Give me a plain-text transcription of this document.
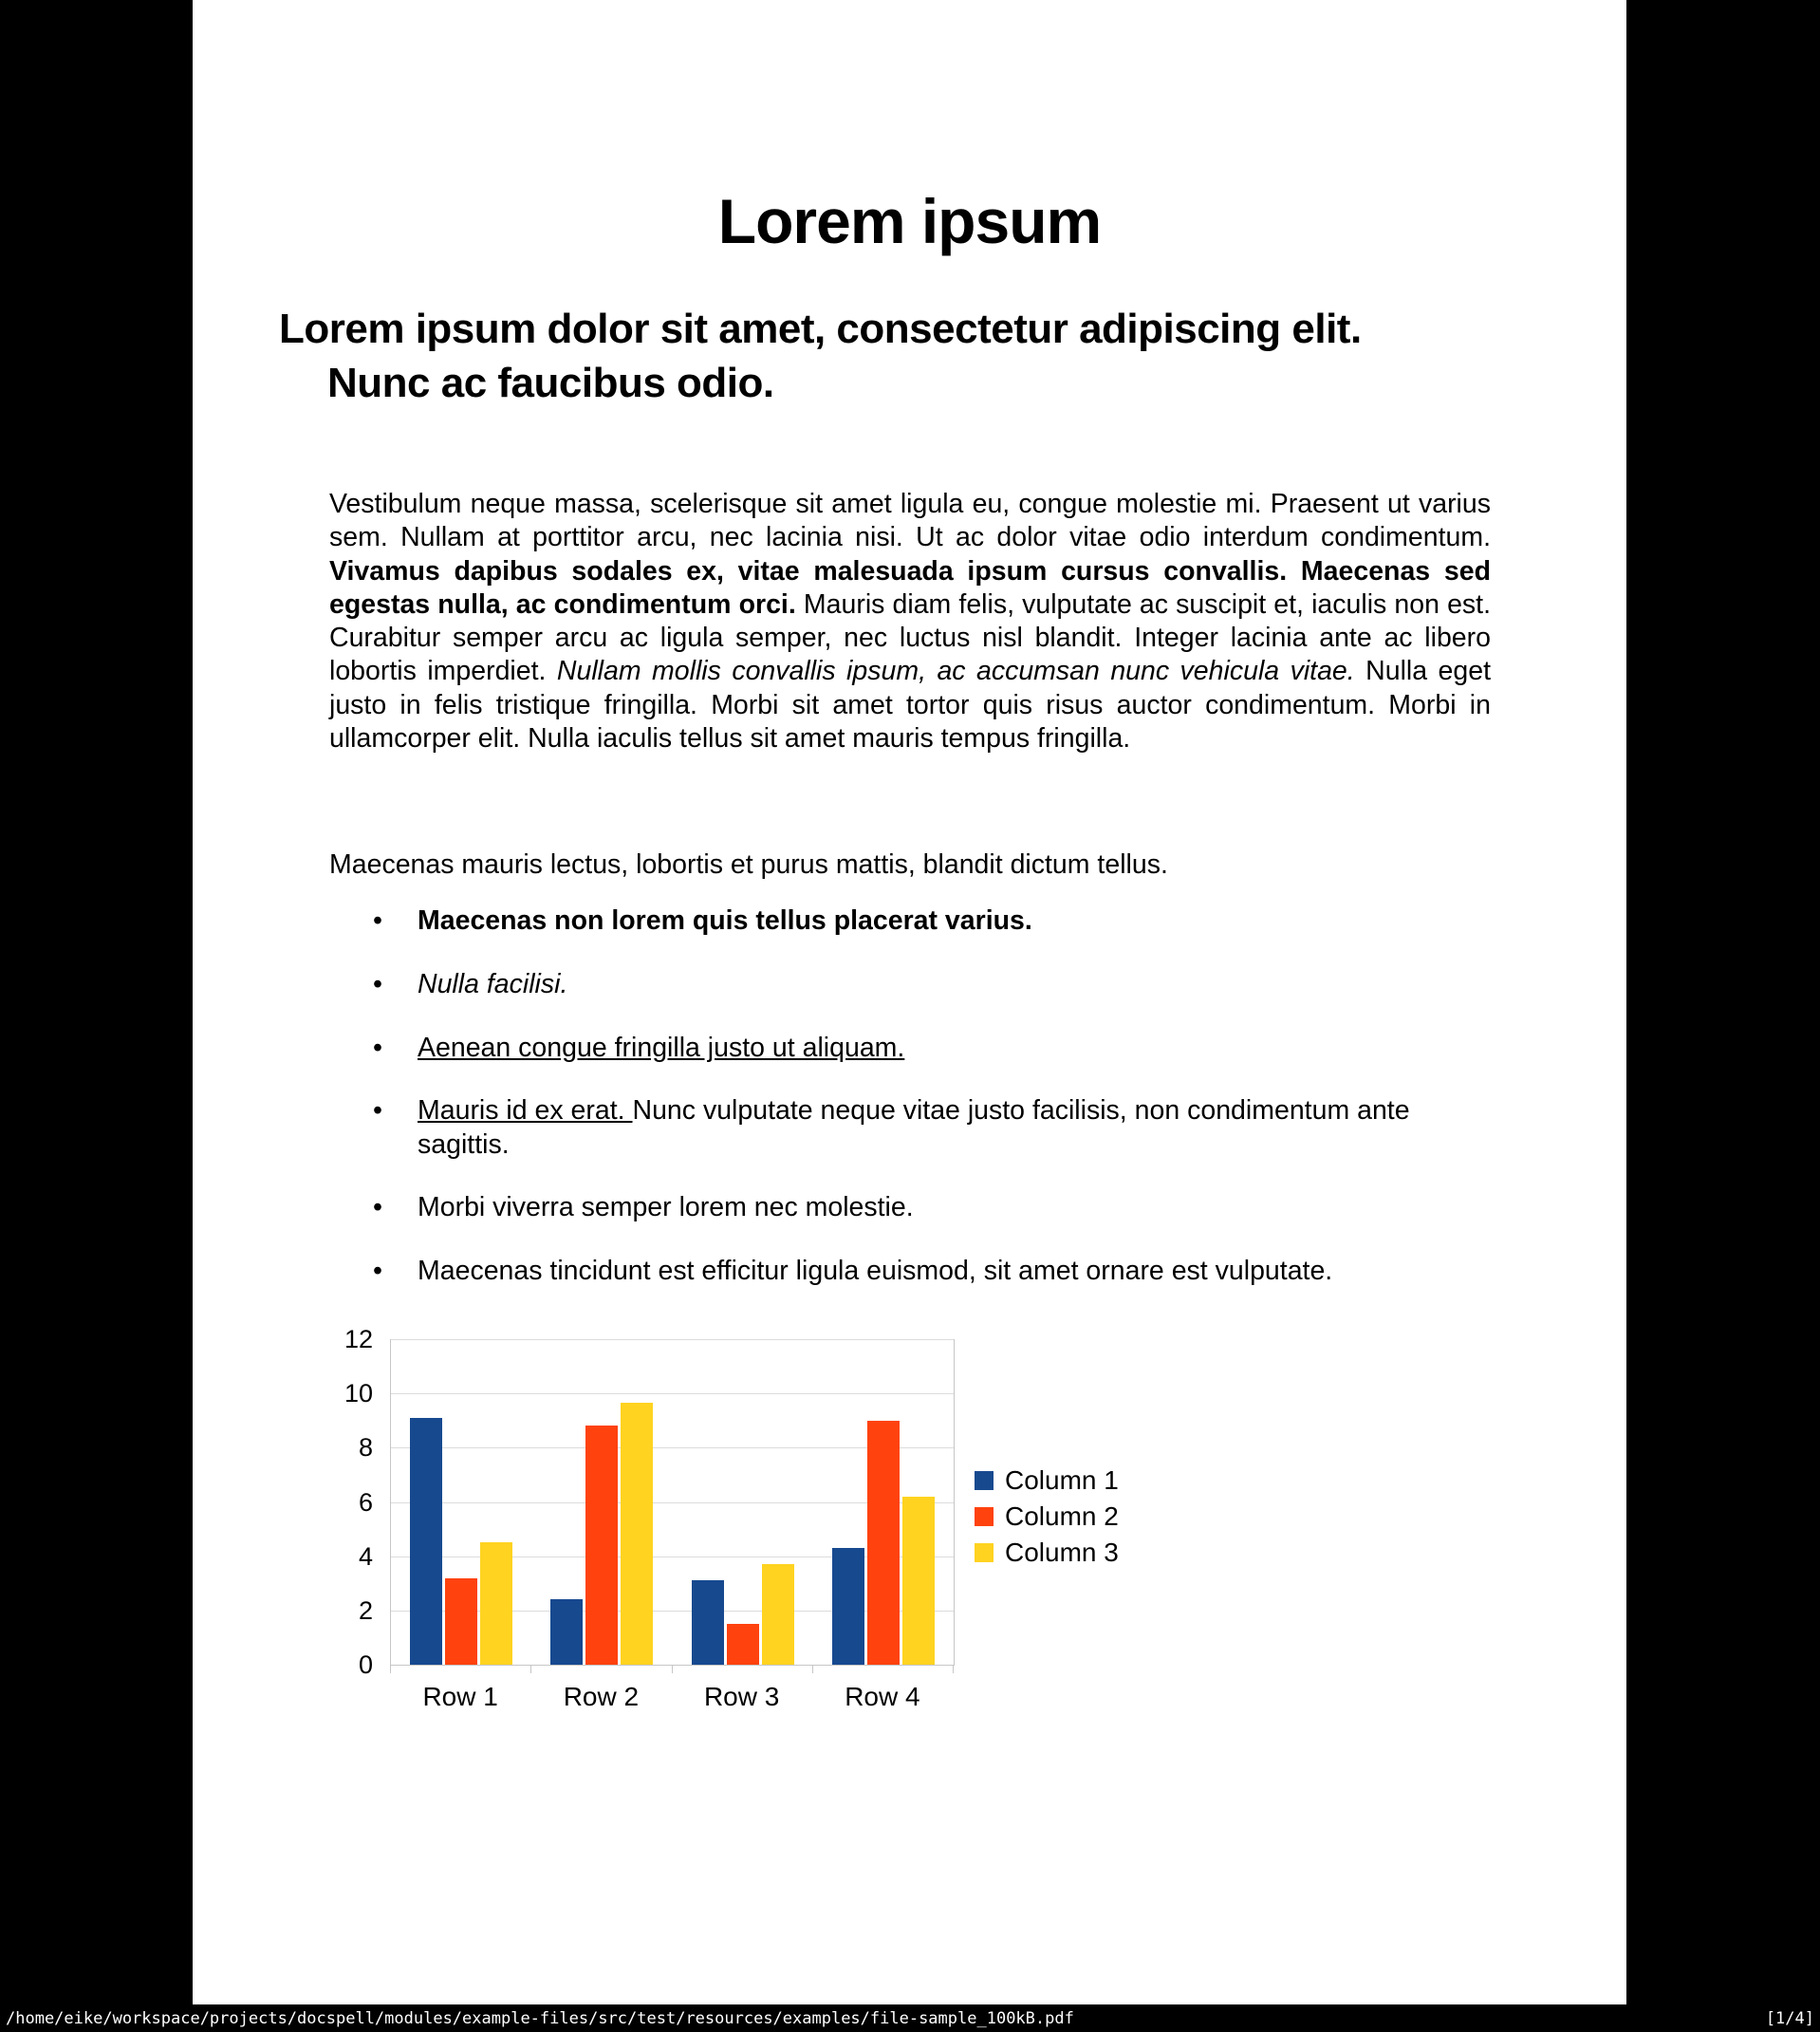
Lorem ipsum
Lorem ipsum dolor sit amet, consectetur adipiscing elit.
Nunc ac faucibus odio.

Vestibulum neque massa, scelerisque sit amet ligula eu, congue molestie mi. Praesent ut varius sem. Nullam at porttitor arcu, nec lacinia nisi. Ut ac dolor vitae odio interdum condimentum. Vivamus dapibus sodales ex, vitae malesuada ipsum cursus convallis. Maecenas sed egestas nulla, ac condimentum orci. Mauris diam felis, vulputate ac suscipit et, iaculis non est. Curabitur semper arcu ac ligula semper, nec luctus nisl blandit. Integer lacinia ante ac libero lobortis imperdiet. Nullam mollis convallis ipsum, ac accumsan nunc vehicula vitae. Nulla eget justo in felis tristique fringilla. Morbi sit amet tortor quis risus auctor condimentum. Morbi in ullamcorper elit. Nulla iaculis tellus sit amet mauris tempus fringilla.

Maecenas mauris lectus, lobortis et purus mattis, blandit dictum tellus.

• Maecenas non lorem quis tellus placerat varius.
• Nulla facilisi.
• Aenean congue fringilla justo ut aliquam.
• Mauris id ex erat. Nunc vulputate neque vitae justo facilisis, non condimentum ante sagittis.
• Morbi viverra semper lorem nec molestie.
• Maecenas tincidunt est efficitur ligula euismod, sit amet ornare est vulputate.
Column 1
Column 2
Column 3
0
2
4
6
8
10
12
Row 1 Row 2 Row 3 Row 4
/home/eike/workspace/projects/docspell/modules/example-files/src/test/resources/examples/file-sample_100kB.pdf	[1/4]
